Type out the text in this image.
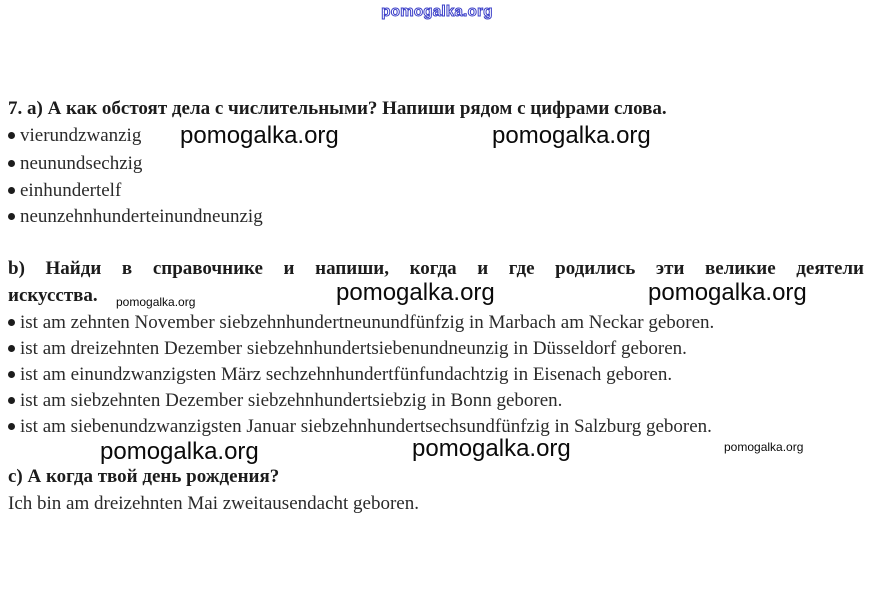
pomogalka.org
7. a) А как обстоят дела с числительными? Напиши рядом с цифрами слова.
vierundzwanzig
neunundsechzig
einhundertelf
neunzehnhunderteinundneunzig
b) Найди в справочнике и напиши, когда и где родились эти великие деятели
искусства.
ist am zehnten November siebzehnhundertneunundfünfzig in Marbach am Neckar geboren.
ist am dreizehnten Dezember siebzehnhundertsiebenundneunzig in Düsseldorf geboren.
ist am einundzwanzigsten März sechzehnhundertfünfundachtzig in Eisenach geboren.
ist am siebzehnten Dezember siebzehnhundertsiebzig in Bonn geboren.
ist am siebenundzwanzigsten Januar siebzehnhundertsechsundfünfzig in Salzburg geboren.
c) А когда твой день рождения?
Ich bin am dreizehnten Mai zweitausendacht geboren.
pomogalka.org	pomogalka.org
pomogalka.org	pomogalka.org	pomogalka.org
pomogalka.org	pomogalka.org	pomogalka.org
